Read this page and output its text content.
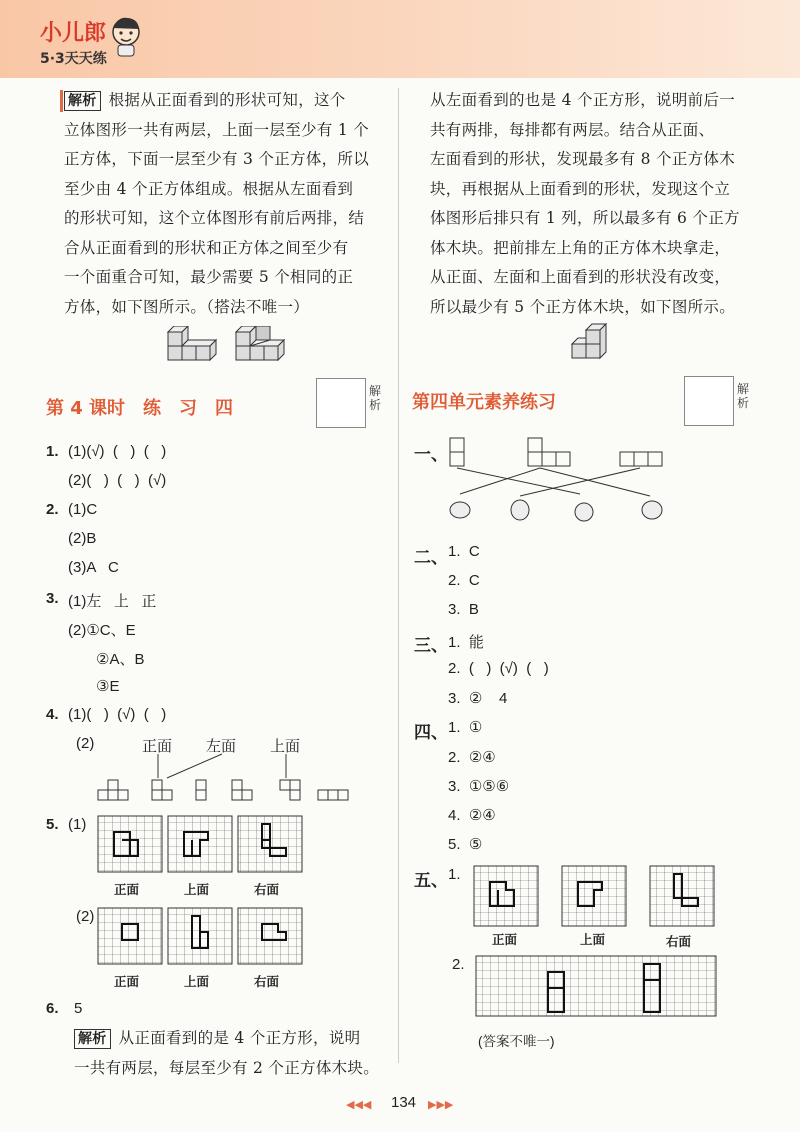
小儿郎
5·3天天练
解析 根据从正面看到的形状可知，这个
立体图形一共有两层，上面一层至少有 1 个
正方体，下面一层至少有 3 个正方体，所以
至少由 4 个正方体组成。根据从左面看到
的形状可知，这个立体图形有前后两排，结
合从正面看到的形状和正方体之间至少有
一个面重合可知，最少需要 5 个相同的正
方体，如下图所示。（搭法不唯一）
第 4 课时　练　习　四
解析
1. (1)(√)  (   )  (   )
(2)(   )  (   )  (√)
2. (1)C
(2)B
(3)A   C
3. (1)左   上   正
(2)①C、E
②A、B
③E
4. (1)(   )  (√)  (   )
(2)	正面 左面 上面
5. (1)
(2)
正面	上面	右面
正面	上面	右面
6. 5
解析 从正面看到的是 4 个正方形，说明
一共有两层，每层至少有 2 个正方体木块。
从左面看到的也是 4 个正方形，说明前后一
共有两排，每排都有两层。结合从正面、
左面看到的形状，发现最多有 8 个正方体木
块，再根据从上面看到的形状，发现这个立
体图形后排只有 1 列，所以最多有 6 个正方
体木块。把前排左上角的正方体木块拿走，
从正面、左面和上面看到的形状没有改变，
所以最少有 5 个正方体木块，如下图所示。
第四单元素养练习
解析
一、
二、 1.  C
2.  C
3.  B
三、 1.  能
2.  (   )  (√)  (   )
3.  ②    4
四、 1.  ①
2.  ②④
3.  ①⑤⑥
4.  ②④
5.  ⑤
五、 1.
正面	上面	右面
2.
(答案不唯一)
◀◀◀ 134 ▶▶▶
